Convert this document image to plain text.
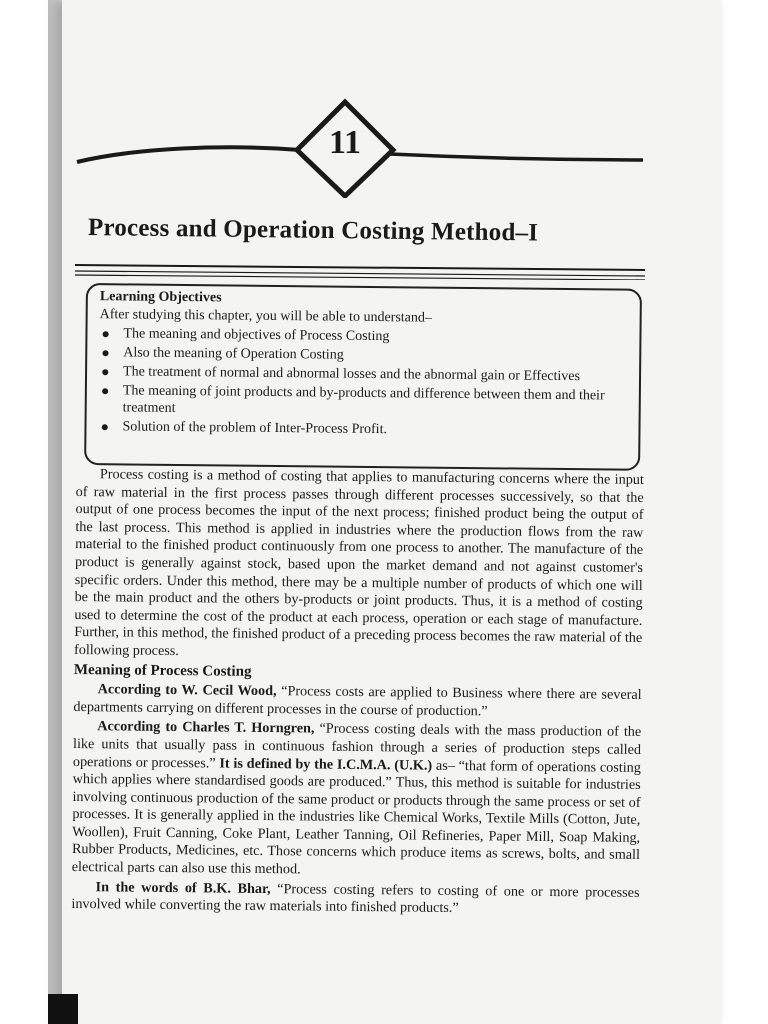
11
Process and Operation Costing Method–I
Learning Objectives
After studying this chapter, you will be able to understand–
● The meaning and objectives of Process Costing
● Also the meaning of Operation Costing
● The treatment of normal and abnormal losses and the abnormal gain or Effectives
● The meaning of joint products and by-products and difference between them and their treatment
● Solution of the problem of Inter-Process Profit.

Process costing is a method of costing that applies to manufacturing concerns where the input of raw material in the first process passes through different processes successively, so that the output of one process becomes the input of the next process; finished product being the output of the last process. This method is applied in industries where the production flows from the raw material to the finished product continuously from one process to another. The manufacture of the product is generally against stock, based upon the market demand and not against customer's specific orders. Under this method, there may be a multiple number of products of which one will be the main product and the others by-products or joint products. Thus, it is a method of costing used to determine the cost of the product at each process, operation or each stage of manufacture. Further, in this method, the finished product of a preceding process becomes the raw material of the following process.

Meaning of Process Costing

According to W. Cecil Wood, “Process costs are applied to Business where there are several departments carrying on different processes in the course of production.”

According to Charles T. Horngren, “Process costing deals with the mass production of the like units that usually pass in continuous fashion through a series of production steps called operations or processes.” It is defined by the I.C.M.A. (U.K.) as– “that form of operations costing which applies where standardised goods are produced.” Thus, this method is suitable for industries involving continuous production of the same product or products through the same process or set of processes. It is generally applied in the industries like Chemical Works, Textile Mills (Cotton, Jute, Woollen), Fruit Canning, Coke Plant, Leather Tanning, Oil Refineries, Paper Mill, Soap Making, Rubber Products, Medicines, etc. Those concerns which produce items as screws, bolts, and small electrical parts can also use this method.

In the words of B.K. Bhar, “Process costing refers to costing of one or more processes involved while converting the raw materials into finished products.”
